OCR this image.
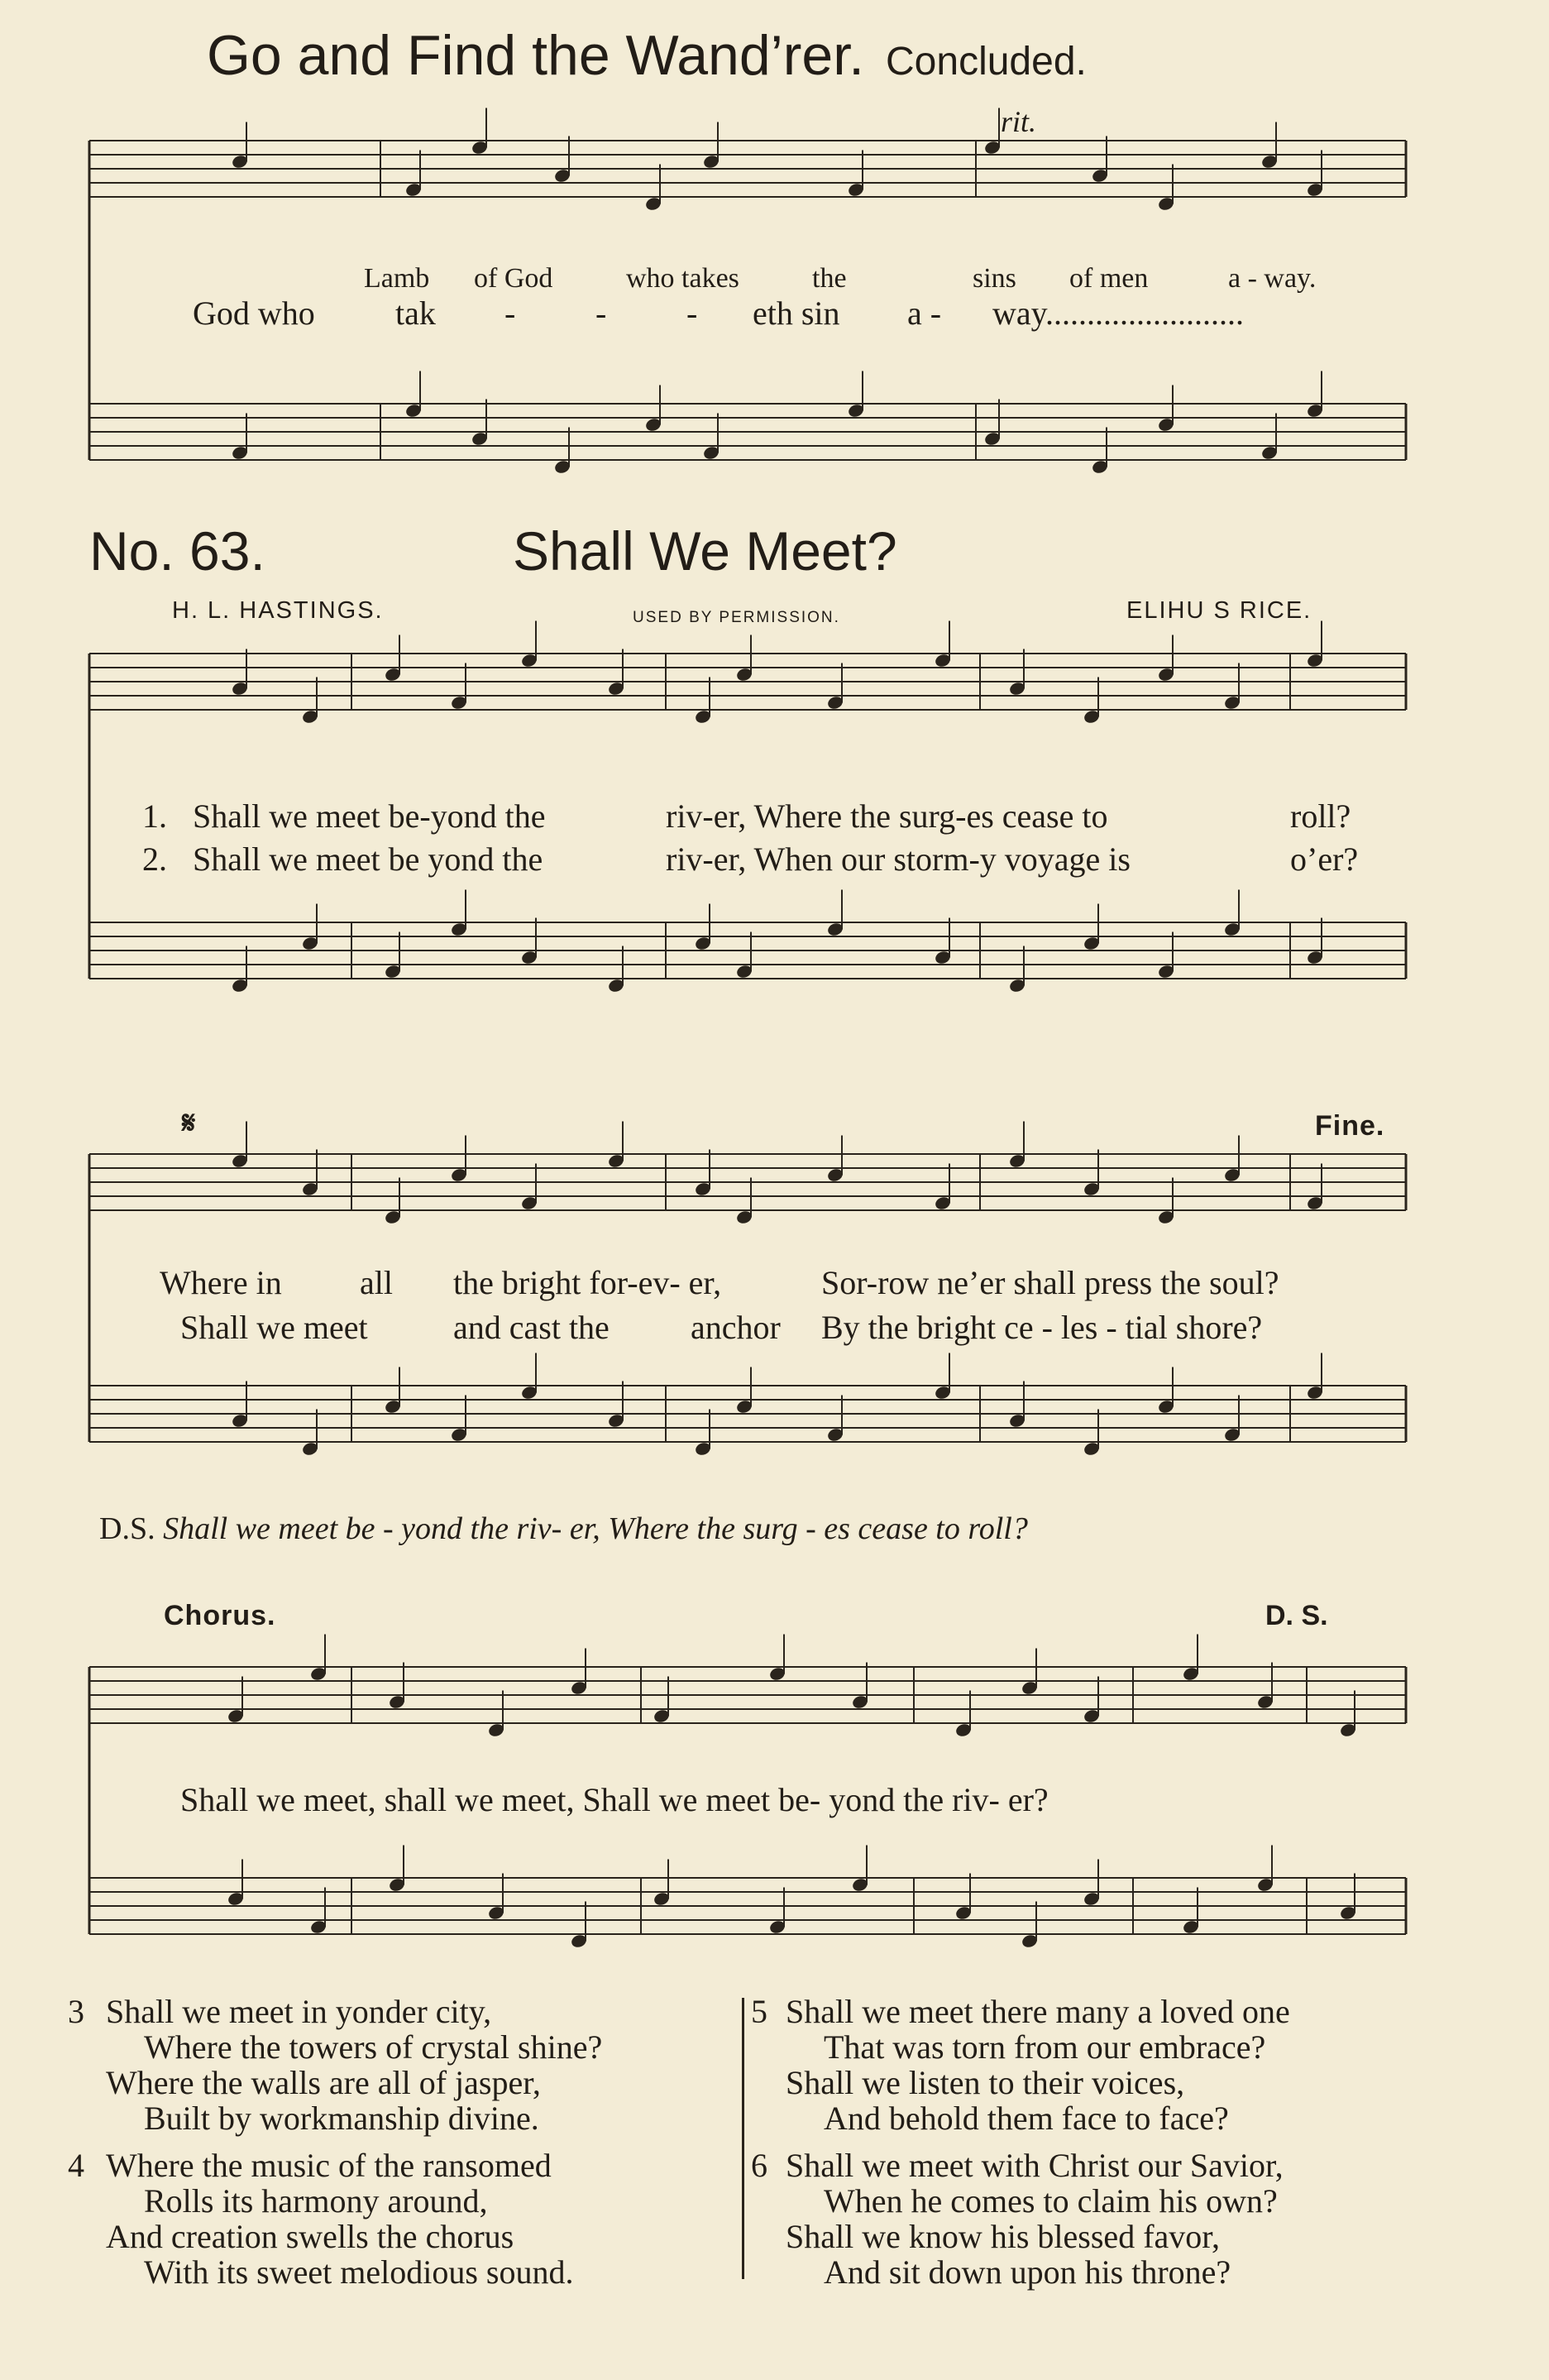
Go and Find the Wand’rer. Concluded.
rit.
Lamb of God	who takes	the	sins of men	a - way.
God who tak - - - eth sin a - way........................
No. 63.	Shall We Meet?
H. L. HASTINGS.	USED BY PERMISSION.	ELIHU S RICE.
1. Shall we meet be-yond the	riv-er, Where the surg-es cease to	roll?
2. Shall we meet be yond the	riv-er, When our storm-y voyage is	o’er?
𝄋	Fine.
Where in all the bright for-ev- er,	Sor-row ne’er shall press the soul?
Shall we meet	and cast the anchor By the bright ce - les - tial shore?
D.S. Shall we meet be - yond the riv- er, Where the surg - es cease to roll?
Chorus.	D. S.
Shall we meet, shall we meet, Shall we meet be- yond the riv- er?
3 Shall we meet in yonder city,
Where the towers of crystal shine?
Where the walls are all of jasper,
Built by workmanship divine.
4 Where the music of the ransomed
Rolls its harmony around,
And creation swells the chorus
With its sweet melodious sound.
5 Shall we meet there many a loved one
That was torn from our embrace?
Shall we listen to their voices,
And behold them face to face?
6 Shall we meet with Christ our Savior,
When he comes to claim his own?
Shall we know his blessed favor,
And sit down upon his throne?
